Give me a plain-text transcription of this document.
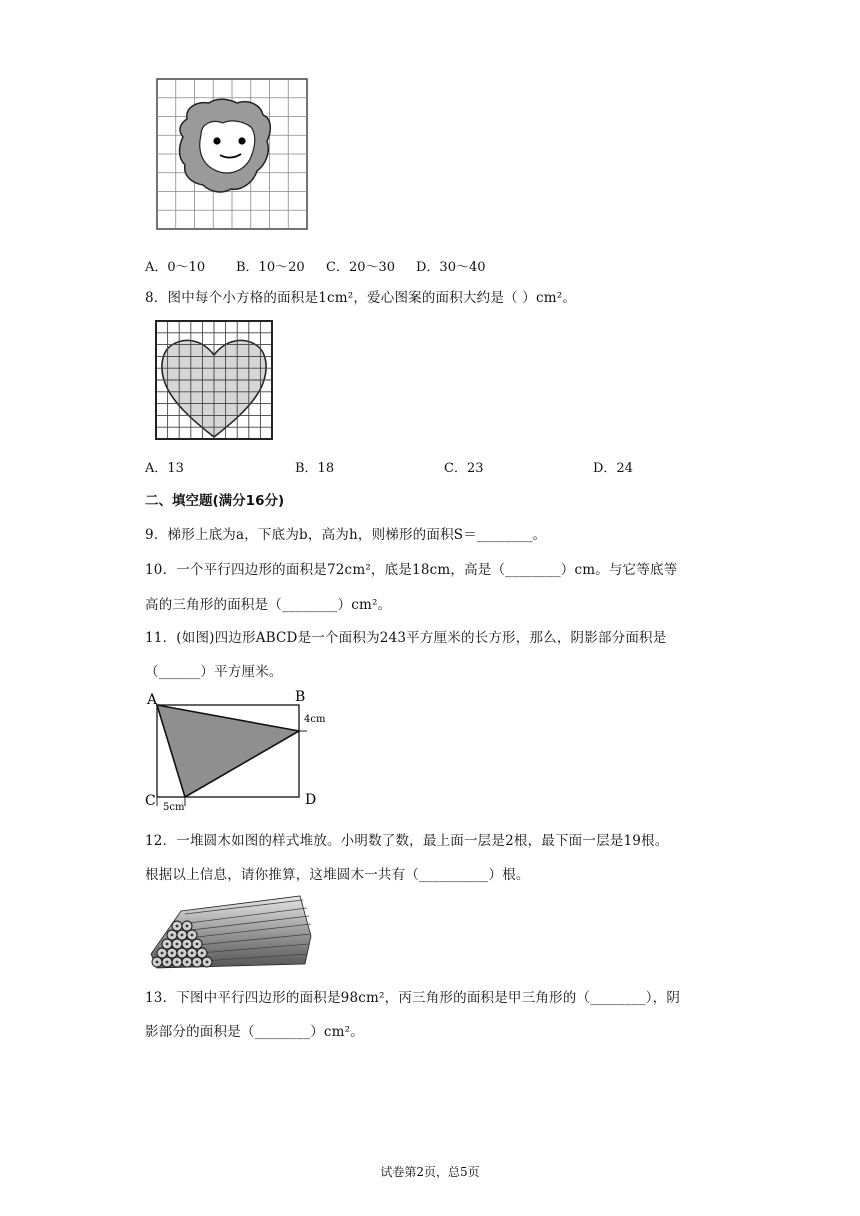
A．0～10 B．10～20 C．20～30 D．30～40
8．图中每个小方格的面积是1cm²，爱心图案的面积大约是（ ）cm²。
A．13	B．18	C．23	D．24
二、填空题(满分16分)
9．梯形上底为a，下底为b，高为h，则梯形的面积S＝________。
10．一个平行四边形的面积是72cm²，底是18cm，高是（________）cm。与它等底等
高的三角形的面积是（________）cm²。
11．(如图)四边形ABCD是一个面积为243平方厘米的长方形，那么，阴影部分面积是
（______）平方厘米。
A	B
C	D
4cm
5cm
12．一堆圆木如图的样式堆放。小明数了数，最上面一层是2根，最下面一层是19根。
根据以上信息，请你推算，这堆圆木一共有（__________）根。
13．下图中平行四边形的面积是98cm²，丙三角形的面积是甲三角形的（________），阴
影部分的面积是（________）cm²。
试卷第2页，总5页
